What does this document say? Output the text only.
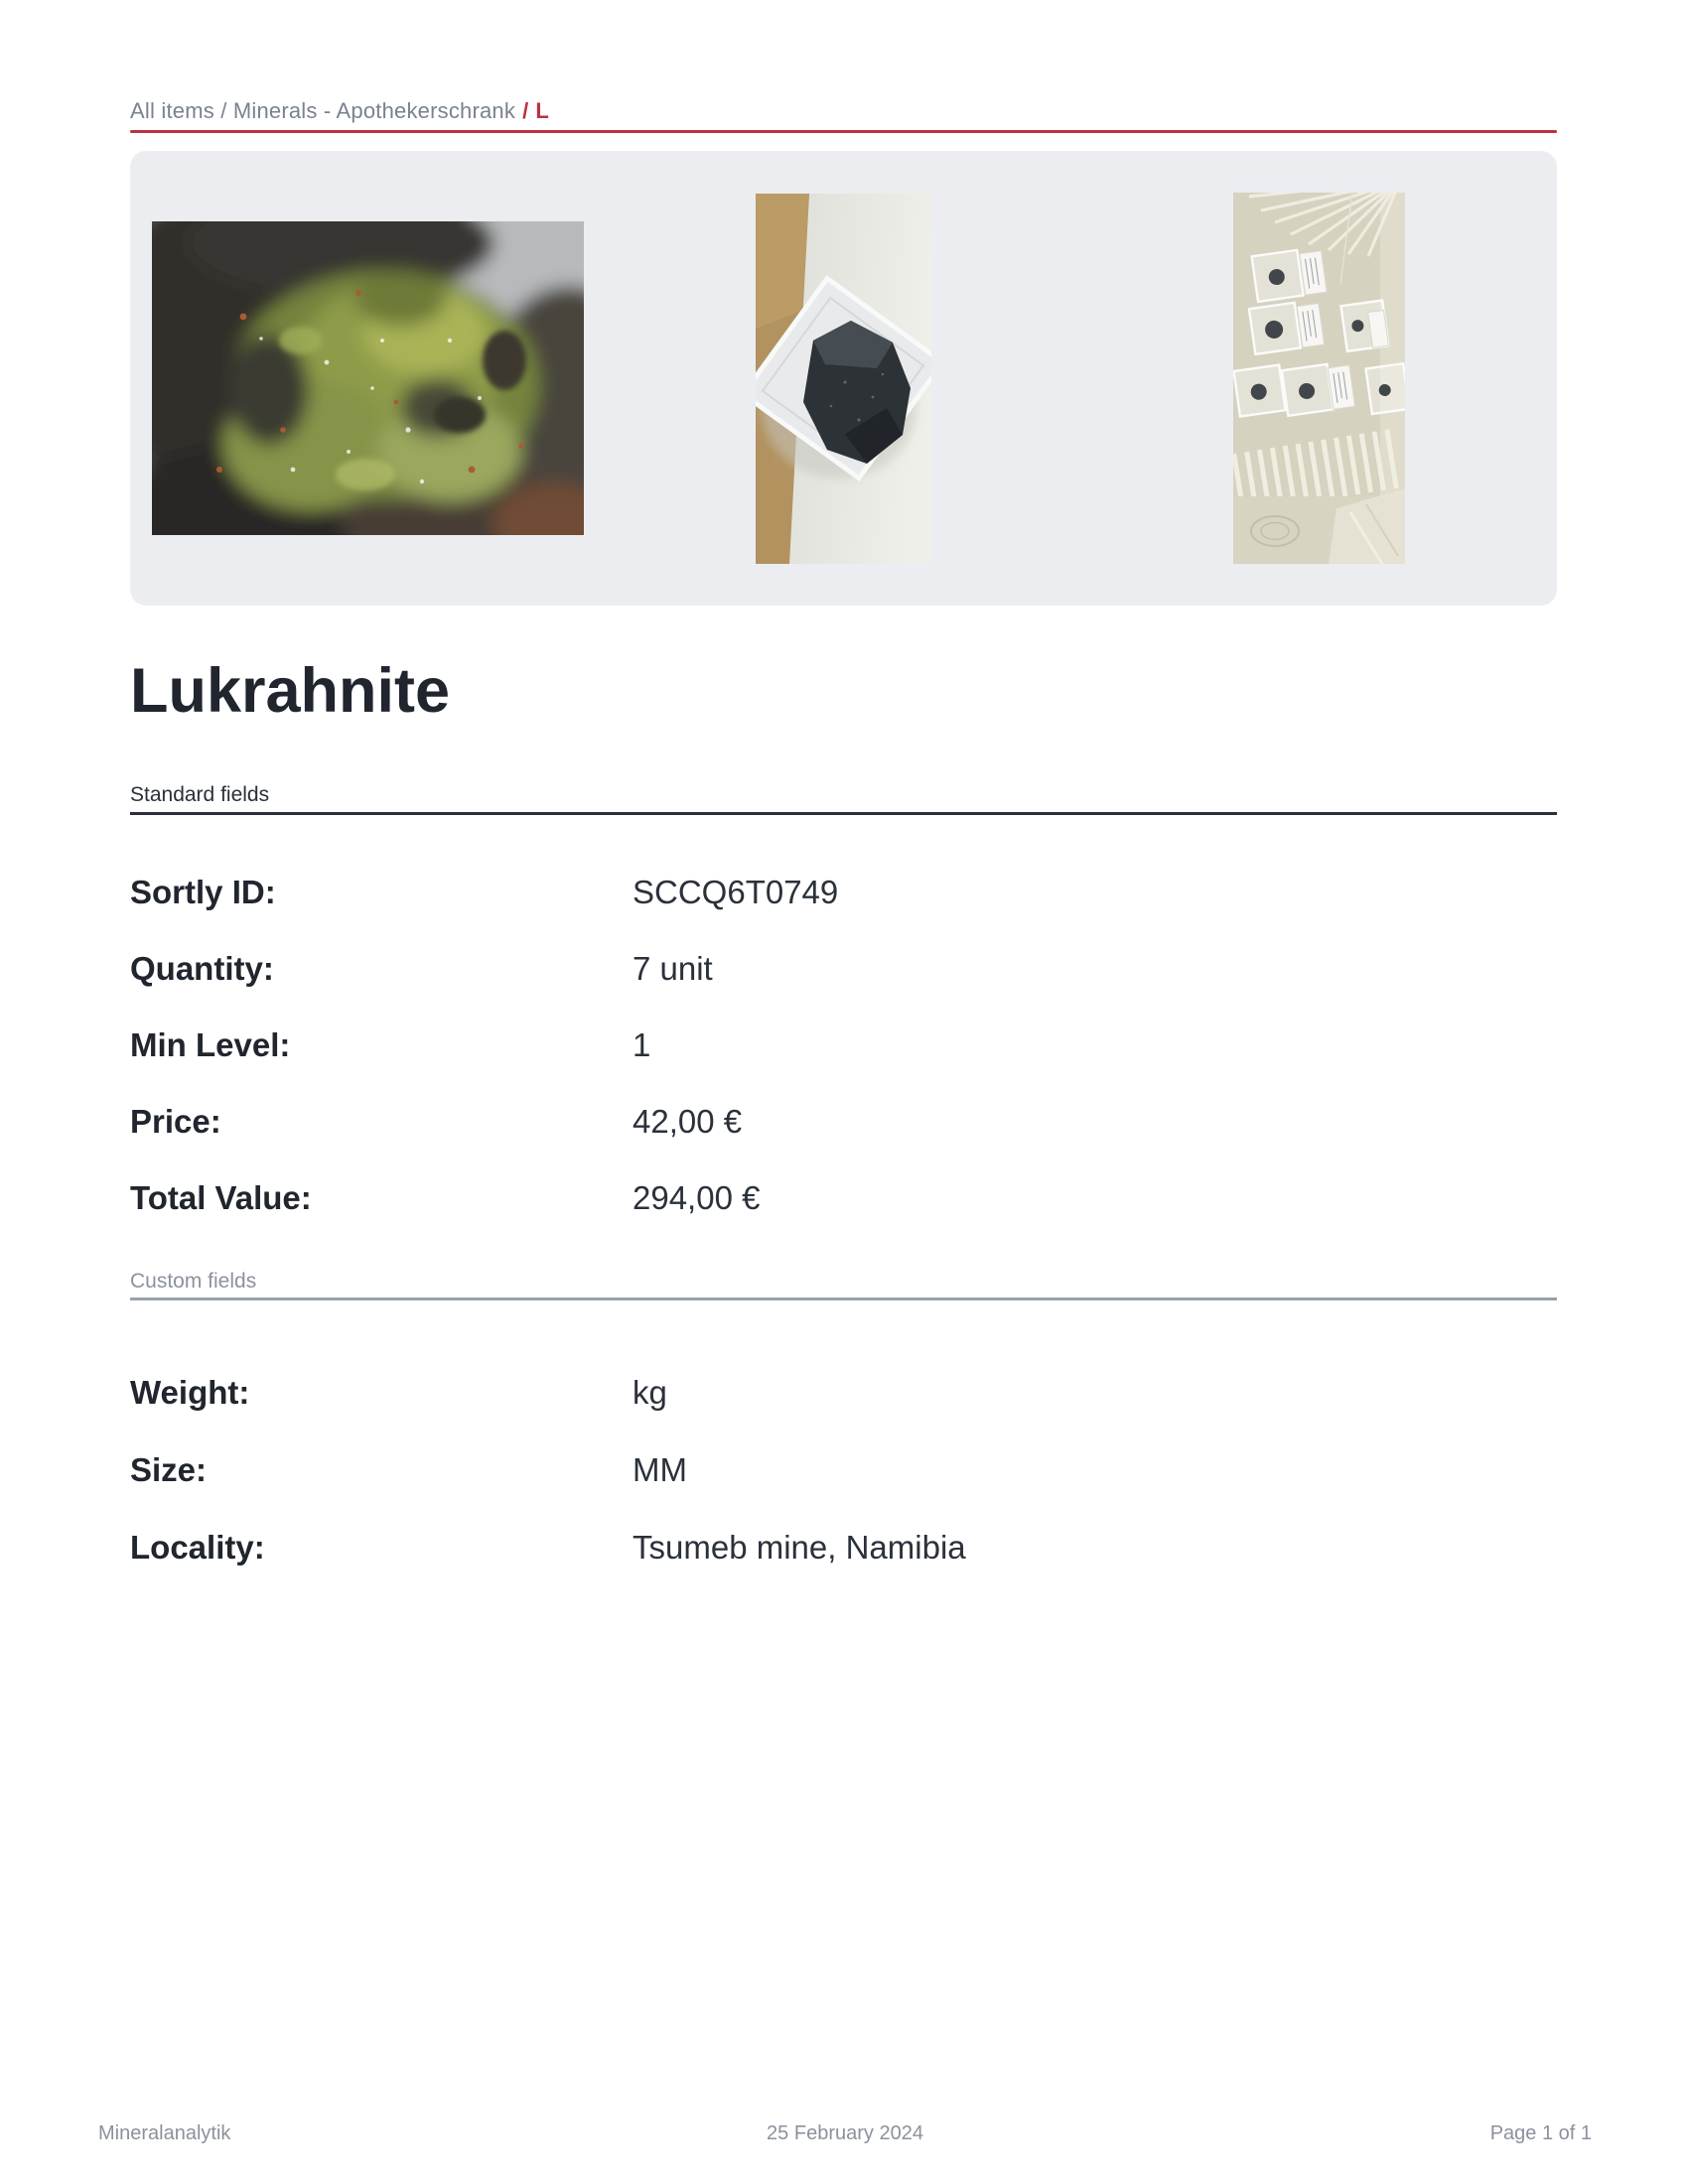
All items / Minerals - Apothekerschrank / L
Lukrahnite
Standard fields
Sortly ID:	SCCQ6T0749
Quantity:	7 unit
Min Level:	1
Price:	42,00 €
Total Value:	294,00 €
Custom fields
Weight:	kg
Size:	MM
Locality:	Tsumeb mine, Namibia
Mineralanalytik	25 February 2024	Page 1 of 1
